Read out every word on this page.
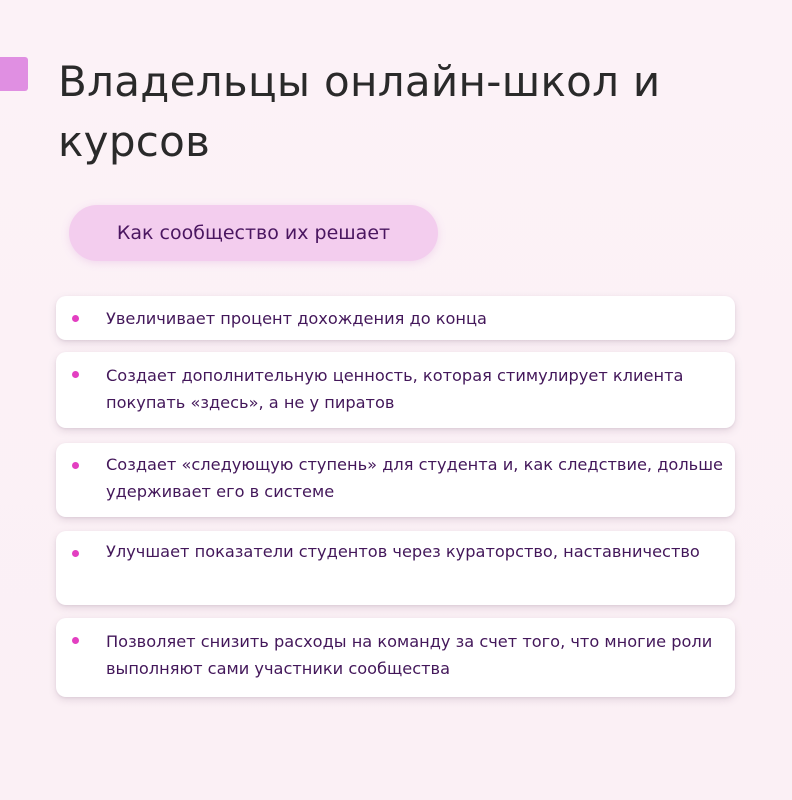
Владельцы онлайн-школ и курсов
Как сообщество их решает
Увеличивает процент дохождения до конца
Создает дополнительную ценность, которая стимулирует клиента покупать «здесь», а не у пиратов
Создает «следующую ступень» для студента и, как следствие, дольше удерживает его в системе
Улучшает показатели студентов через кураторство, наставничество
Позволяет снизить расходы на команду за счет того, что многие роли выполняют сами участники сообщества
